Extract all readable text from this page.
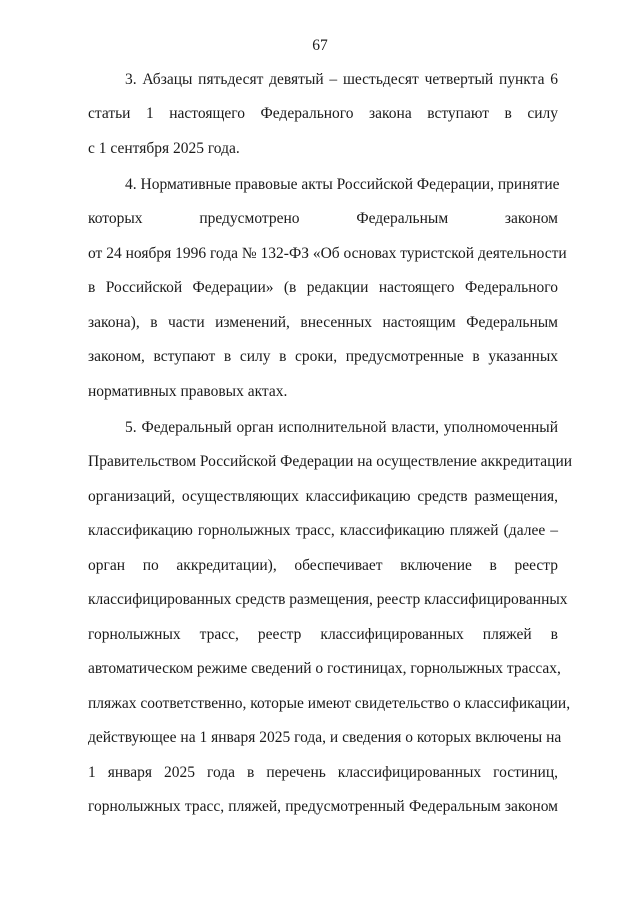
67
3. Абзацы пятьдесят девятый – шестьдесят четвертый пункта 6
статьи 1 настоящего Федерального закона вступают в силу
с 1 сентября 2025 года.
4. Нормативные правовые акты Российской Федерации, принятие
которых предусмотрено Федеральным законом
от 24 ноября 1996 года № 132-ФЗ «Об основах туристской деятельности
в Российской Федерации» (в редакции настоящего Федерального
закона), в части изменений, внесенных настоящим Федеральным
законом, вступают в силу в сроки, предусмотренные в указанных
нормативных правовых актах.
5. Федеральный орган исполнительной власти, уполномоченный
Правительством Российской Федерации на осуществление аккредитации
организаций, осуществляющих классификацию средств размещения,
классификацию горнолыжных трасс, классификацию пляжей (далее –
орган по аккредитации), обеспечивает включение в реестр
классифицированных средств размещения, реестр классифицированных
горнолыжных трасс, реестр классифицированных пляжей в
автоматическом режиме сведений о гостиницах, горнолыжных трассах,
пляжах соответственно, которые имеют свидетельство о классификации,
действующее на 1 января 2025 года, и сведения о которых включены на
1 января 2025 года в перечень классифицированных гостиниц,
горнолыжных трасс, пляжей, предусмотренный Федеральным законом
